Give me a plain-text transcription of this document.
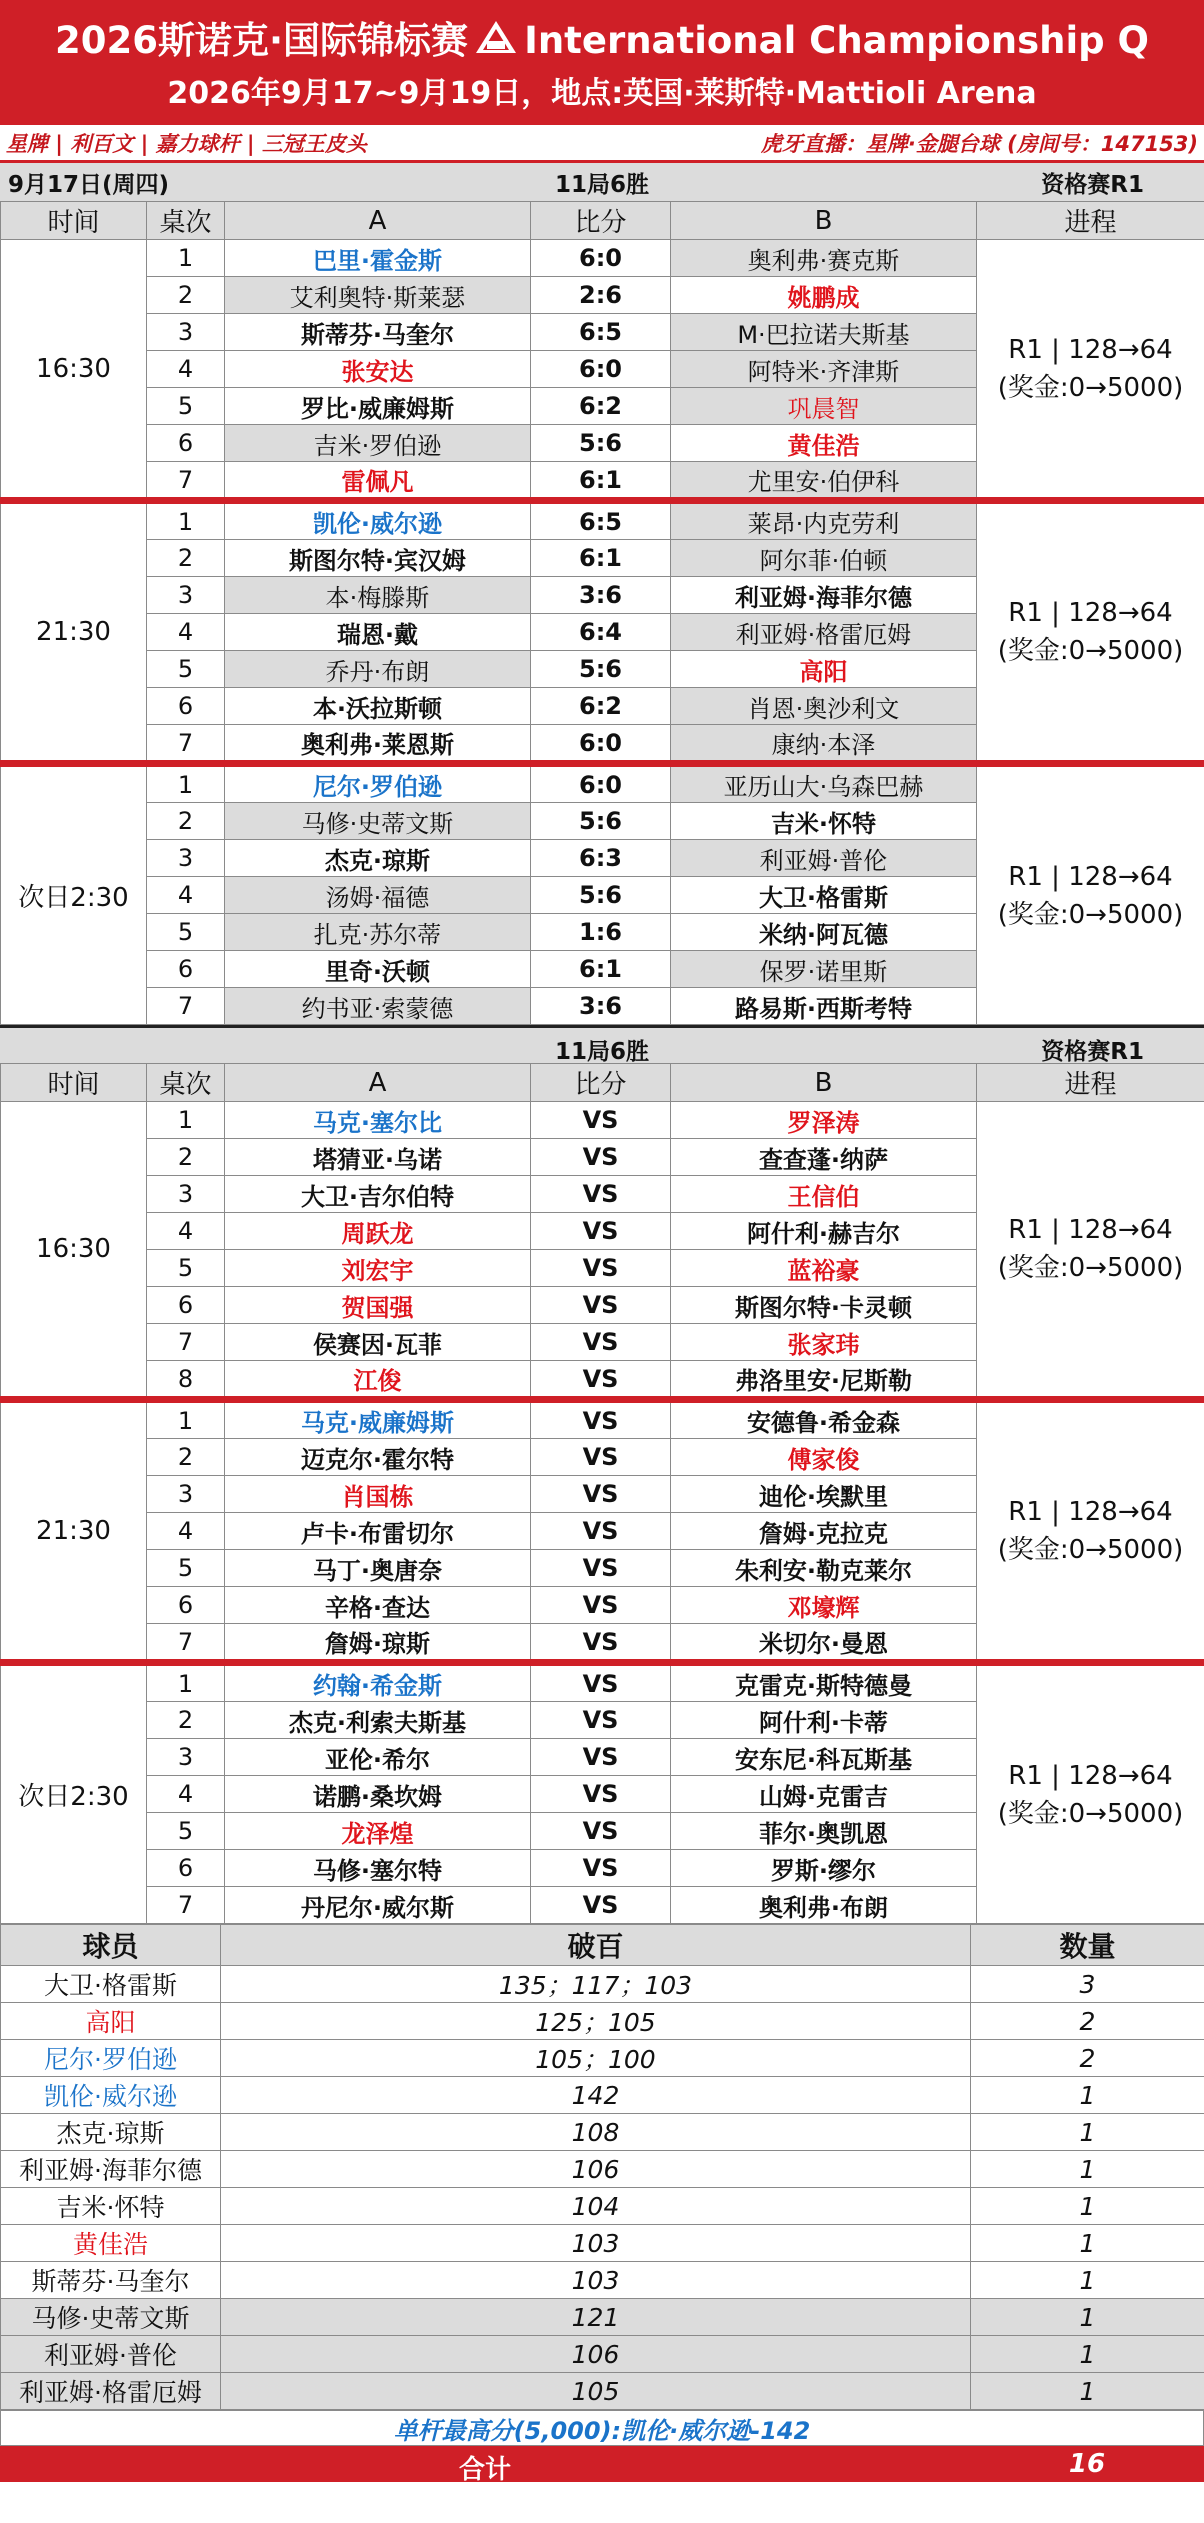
2026斯诺克·国际锦标赛 International Championship Q
2026年9月17~9月19日，地点:英国·莱斯特·Mattioli Arena
星牌 | 利百文 | 嘉力球杆 | 三冠王皮头	虎牙直播：星牌·金腿台球 (房间号：147153)
9月17日(周四)	11局6胜	资格赛R1
时间	桌次	A	比分	B	进程
16:30	1	巴里·霍金斯	6:0	奥利弗·赛克斯	R1 | 128→64
(奖金:0→5000)

	2	艾利奥特·斯莱瑟	2:6	姚鹏成	
	3	斯蒂芬·马奎尔	6:5	M·巴拉诺夫斯基	
	4	张安达	6:0	阿特米·齐津斯	
	5	罗比·威廉姆斯	6:2	巩晨智	
	6	吉米·罗伯逊	5:6	黄佳浩	
	7	雷佩凡	6:1	尤里安·伯伊科	
21:30	1	凯伦·威尔逊	6:5	莱昂·内克劳利	R1 | 128→64
(奖金:0→5000)

	2	斯图尔特·宾汉姆	6:1	阿尔菲·伯顿	
	3	本·梅滕斯	3:6	利亚姆·海菲尔德	
	4	瑞恩·戴	6:4	利亚姆·格雷厄姆	
	5	乔丹·布朗	5:6	高阳	
	6	本·沃拉斯顿	6:2	肖恩·奥沙利文	
	7	奥利弗·莱恩斯	6:0	康纳·本泽	
次日2:30	1	尼尔·罗伯逊	6:0	亚历山大·乌森巴赫	R1 | 128→64
(奖金:0→5000)

	2	马修·史蒂文斯	5:6	吉米·怀特	
	3	杰克·琼斯	6:3	利亚姆·普伦	
	4	汤姆·福德	5:6	大卫·格雷斯	
	5	扎克·苏尔蒂	1:6	米纳·阿瓦德	
	6	里奇·沃顿	6:1	保罗·诺里斯	
	7	约书亚·索蒙德	3:6	路易斯·西斯考特	
11局6胜	资格赛R1
时间	桌次	A	比分	B	进程
16:30	1	马克·塞尔比	VS	罗泽涛	R1 | 128→64
(奖金:0→5000)

	2	塔猜亚·乌诺	VS	查查蓬·纳萨	
	3	大卫·吉尔伯特	VS	王信伯	
	4	周跃龙	VS	阿什利·赫吉尔	
	5	刘宏宇	VS	蓝裕豪	
	6	贺国强	VS	斯图尔特·卡灵顿	
	7	侯赛因·瓦菲	VS	张家玮	
	8	江俊	VS	弗洛里安·尼斯勒	
21:30	1	马克·威廉姆斯	VS	安德鲁·希金森	R1 | 128→64
(奖金:0→5000)

	2	迈克尔·霍尔特	VS	傅家俊	
	3	肖国栋	VS	迪伦·埃默里	
	4	卢卡·布雷切尔	VS	詹姆·克拉克	
	5	马丁·奥唐奈	VS	朱利安·勒克莱尔	
	6	辛格·查达	VS	邓壕辉	
	7	詹姆·琼斯	VS	米切尔·曼恩	
次日2:30	1	约翰·希金斯	VS	克雷克·斯特德曼	R1 | 128→64
(奖金:0→5000)

	2	杰克·利索夫斯基	VS	阿什利·卡蒂	
	3	亚伦·希尔	VS	安东尼·科瓦斯基	
	4	诺鹏·桑坎姆	VS	山姆·克雷吉	
	5	龙泽煌	VS	菲尔·奥凯恩	
	6	马修·塞尔特	VS	罗斯·缪尔	
	7	丹尼尔·威尔斯	VS	奥利弗·布朗	
球员	破百	数量
大卫·格雷斯	135；117；103	3
高阳	125；105	2
尼尔·罗伯逊	105；100	2
凯伦·威尔逊	142	1
杰克·琼斯	108	1
利亚姆·海菲尔德	106	1
吉米·怀特	104	1
黄佳浩	103	1
斯蒂芬·马奎尔	103	1
马修·史蒂文斯	121	1
利亚姆·普伦	106	1
利亚姆·格雷厄姆	105	1
单杆最高分(5,000):凯伦·威尔逊-142
合计	16
